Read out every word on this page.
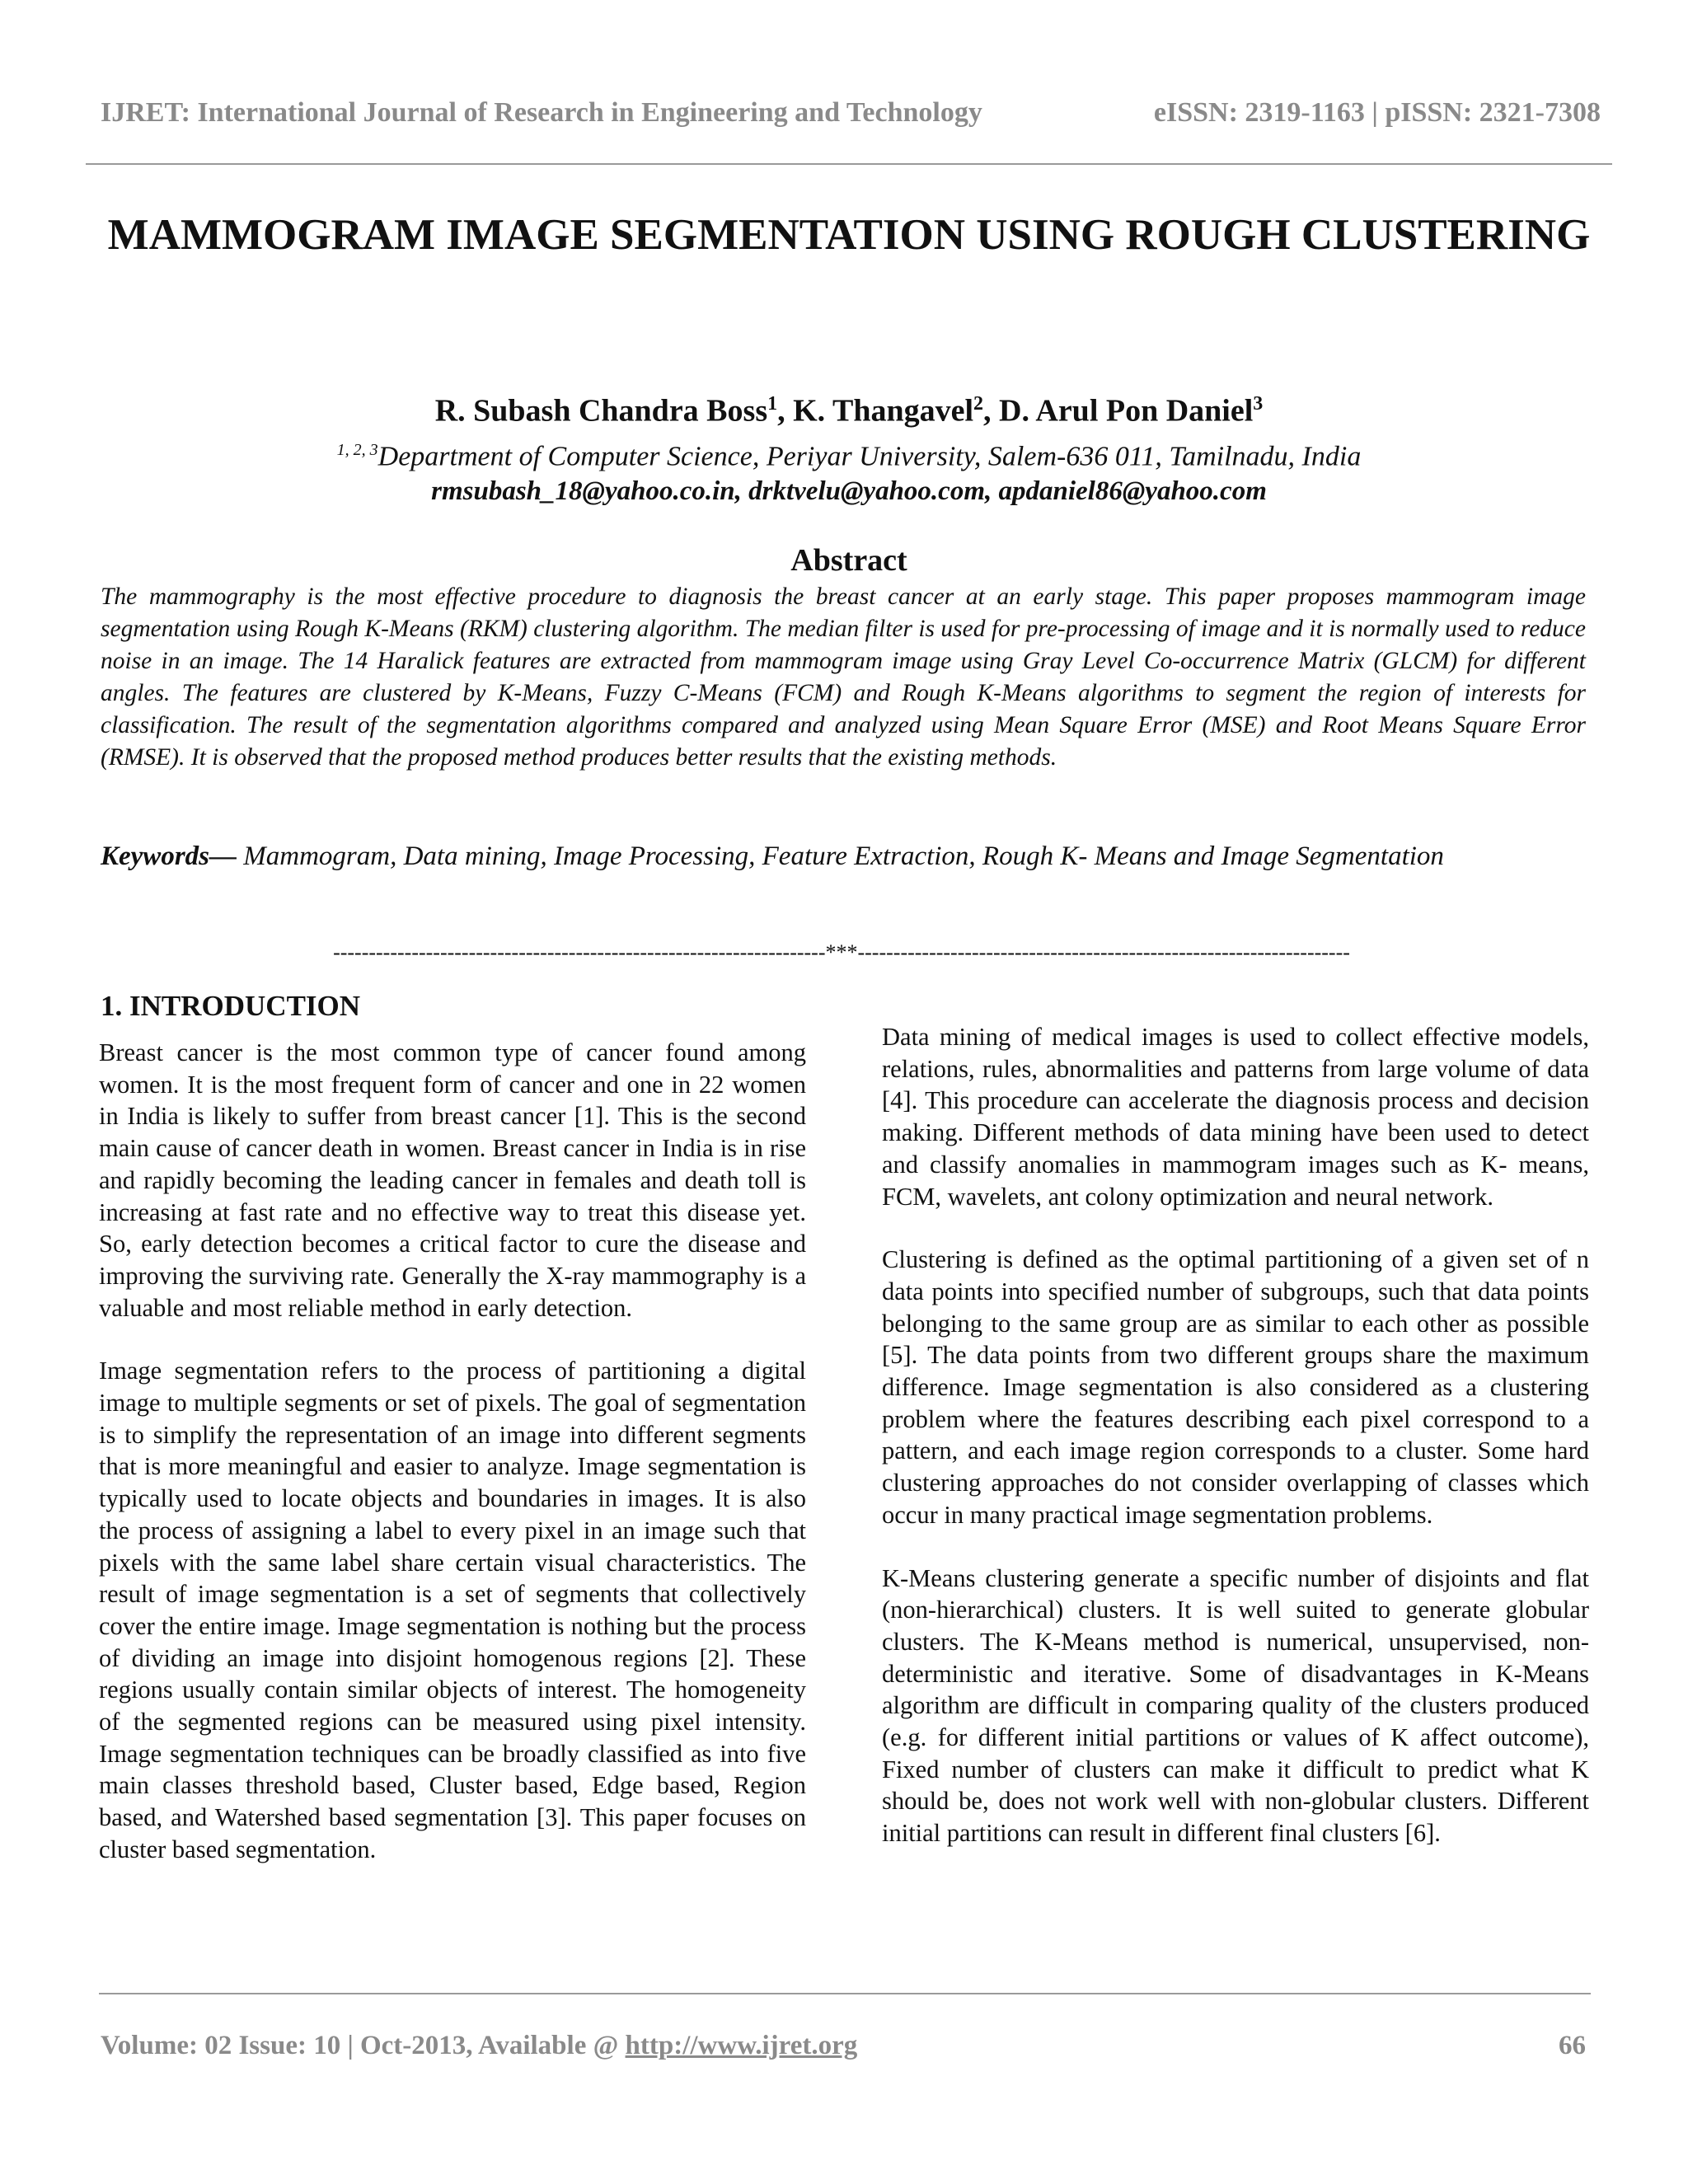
IJRET: International Journal of Research in Engineering and Technology	eISSN: 2319-1163 | pISSN: 2321-7308
MAMMOGRAM IMAGE SEGMENTATION USING ROUGH CLUSTERING
R. Subash Chandra Boss$^1$, K. Thangavel$^2$, D. Arul Pon Daniel$^3$
$^{1, 2, 3}$Department of Computer Science, Periyar University, Salem-636 011, Tamilnadu, India
rmsubash_18@yahoo.co.in, drktvelu@yahoo.com, apdaniel86@yahoo.com
Abstract
The mammography is the most effective procedure to diagnosis the breast cancer at an early stage. This paper proposes mammogram image segmentation using Rough K-Means (RKM) clustering algorithm. The median filter is used for pre-processing of image and it is normally used to reduce noise in an image. The 14 Haralick features are extracted from mammogram image using Gray Level Co-occurrence Matrix (GLCM) for different angles. The features are clustered by K-Means, Fuzzy C-Means (FCM) and Rough K-Means algorithms to segment the region of interests for classification. The result of the segmentation algorithms compared and analyzed using Mean Square Error (MSE) and Root Means Square Error (RMSE). It is observed that the proposed method produces better results that the existing methods.
Keywords— Mammogram, Data mining, Image Processing, Feature Extraction, Rough K- Means and Image Segmentation
---------------------------------------------------------------------***---------------------------------------------------------------------
1. INTRODUCTION

Breast cancer is the most common type of cancer found among women. It is the most frequent form of cancer and one in 22 women in India is likely to suffer from breast cancer [1]. This is the second main cause of cancer death in women. Breast cancer in India is in rise and rapidly becoming the leading cancer in females and death toll is increasing at fast rate and no effective way to treat this disease yet. So, early detection becomes a critical factor to cure the disease and improving the surviving rate. Generally the X-ray mammography is a valuable and most reliable method in early detection.

Image segmentation refers to the process of partitioning a digital image to multiple segments or set of pixels. The goal of segmentation is to simplify the representation of an image into different segments that is more meaningful and easier to analyze. Image segmentation is typically used to locate objects and boundaries in images. It is also the process of assigning a label to every pixel in an image such that pixels with the same label share certain visual characteristics. The result of image segmentation is a set of segments that collectively cover the entire image. Image segmentation is nothing but the process of dividing an image into disjoint homogenous regions [2]. These regions usually contain similar objects of interest. The homogeneity of the segmented regions can be measured using pixel intensity. Image segmentation techniques can be broadly classified as into five main classes threshold based, Cluster based, Edge based, Region based, and Watershed based segmentation [3]. This paper focuses on cluster based segmentation.

Data mining of medical images is used to collect effective models, relations, rules, abnormalities and patterns from large volume of data [4]. This procedure can accelerate the diagnosis process and decision making. Different methods of data mining have been used to detect and classify anomalies in mammogram images such as K- means, FCM, wavelets, ant colony optimization and neural network.

Clustering is defined as the optimal partitioning of a given set of n data points into specified number of subgroups, such that data points belonging to the same group are as similar to each other as possible [5]. The data points from two different groups share the maximum difference. Image segmentation is also considered as a clustering problem where the features describing each pixel correspond to a pattern, and each image region corresponds to a cluster. Some hard clustering approaches do not consider overlapping of classes which occur in many practical image segmentation problems.

K-Means clustering generate a specific number of disjoints and flat (non-hierarchical) clusters. It is well suited to generate globular clusters. The K-Means method is numerical, unsupervised, non-deterministic and iterative. Some of disadvantages in K-Means algorithm are difficult in comparing quality of the clusters produced (e.g. for different initial partitions or values of K affect outcome), Fixed number of clusters can make it difficult to predict what K should be, does not work well with non-globular clusters. Different initial partitions can result in different final clusters [6].

Volume: 02 Issue: 10 | Oct-2013, Available @ http://www.ijret.org	66
